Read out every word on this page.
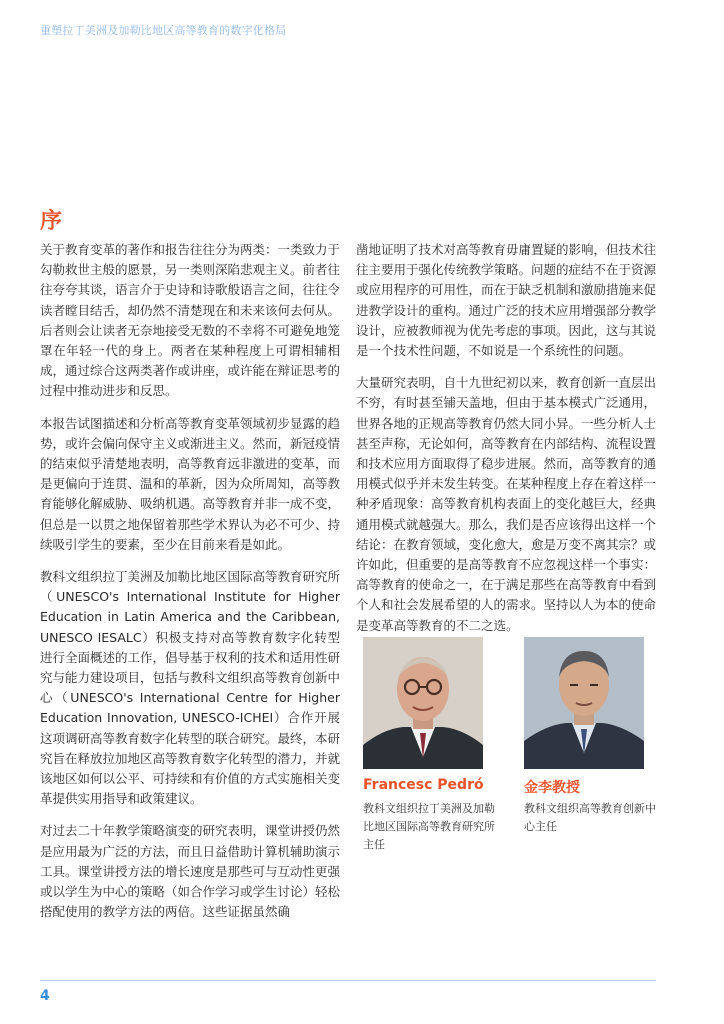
重塑拉丁美洲及加勒比地区高等教育的数字化格局
序

关于教育变革的著作和报告往往分为两类：一类致力于勾勒救世主般的愿景，另一类则深陷悲观主义。前者往往夸夸其谈，语言介于史诗和诗歌般语言之间，往往令读者瞠目结舌，却仍然不清楚现在和未来该何去何从。后者则会让读者无奈地接受无数的不幸将不可避免地笼罩在年轻一代的身上。两者在某种程度上可谓相辅相成，通过综合这两类著作或讲座，或许能在辩证思考的过程中推动进步和反思。

本报告试图描述和分析高等教育变革领域初步显露的趋势，或许会偏向保守主义或渐进主义。然而，新冠疫情的结束似乎清楚地表明，高等教育远非激进的变革，而是更偏向于连贯、温和的革新，因为众所周知，高等教育能够化解威胁、吸纳机遇。高等教育并非一成不变，但总是一以贯之地保留着那些学术界认为必不可少、持续吸引学生的要素，至少在目前来看是如此。

教科文组织拉丁美洲及加勒比地区国际高等教育研究所（UNESCO's International Institute for Higher Education in Latin America and the Caribbean, UNESCO IESALC）积极支持对高等教育数字化转型进行全面概述的工作，倡导基于权利的技术和适用性研究与能力建设项目，包括与教科文组织高等教育创新中心（UNESCO's International Centre for Higher Education Innovation, UNESCO-ICHEI）合作开展这项调研高等教育数字化转型的联合研究。最终，本研究旨在释放拉加地区高等教育数字化转型的潜力，并就该地区如何以公平、可持续和有价值的方式实施相关变革提供实用指导和政策建议。

对过去二十年教学策略演变的研究表明，课堂讲授仍然是应用最为广泛的方法，而且日益借助计算机辅助演示工具。课堂讲授方法的增长速度是那些可与互动性更强或以学生为中心的策略（如合作学习或学生讨论）轻松搭配使用的教学方法的两倍。这些证据虽然确

凿地证明了技术对高等教育毋庸置疑的影响，但技术往往主要用于强化传统教学策略。问题的症结不在于资源或应用程序的可用性，而在于缺乏机制和激励措施来促进教学设计的重构。通过广泛的技术应用增强部分教学设计，应被教师视为优先考虑的事项。因此，这与其说是一个技术性问题，不如说是一个系统性的问题。

大量研究表明，自十九世纪初以来，教育创新一直层出不穷，有时甚至铺天盖地，但由于基本模式广泛通用，世界各地的正规高等教育仍然大同小异。一些分析人士甚至声称，无论如何，高等教育在内部结构、流程设置和技术应用方面取得了稳步进展。然而，高等教育的通用模式似乎并未发生转变。在某种程度上存在着这样一种矛盾现象：高等教育机构表面上的变化越巨大，经典通用模式就越强大。那么，我们是否应该得出这样一个结论：在教育领域，变化愈大，愈是万变不离其宗？或许如此，但重要的是高等教育不应忽视这样一个事实：高等教育的使命之一，在于满足那些在高等教育中看到个人和社会发展希望的人的需求。坚持以人为本的使命是变革高等教育的不二之选。

Francesc Pedró
教科文组织拉丁美洲及加勒比地区国际高等教育研究所主任
金李教授
教科文组织高等教育创新中心主任
4
